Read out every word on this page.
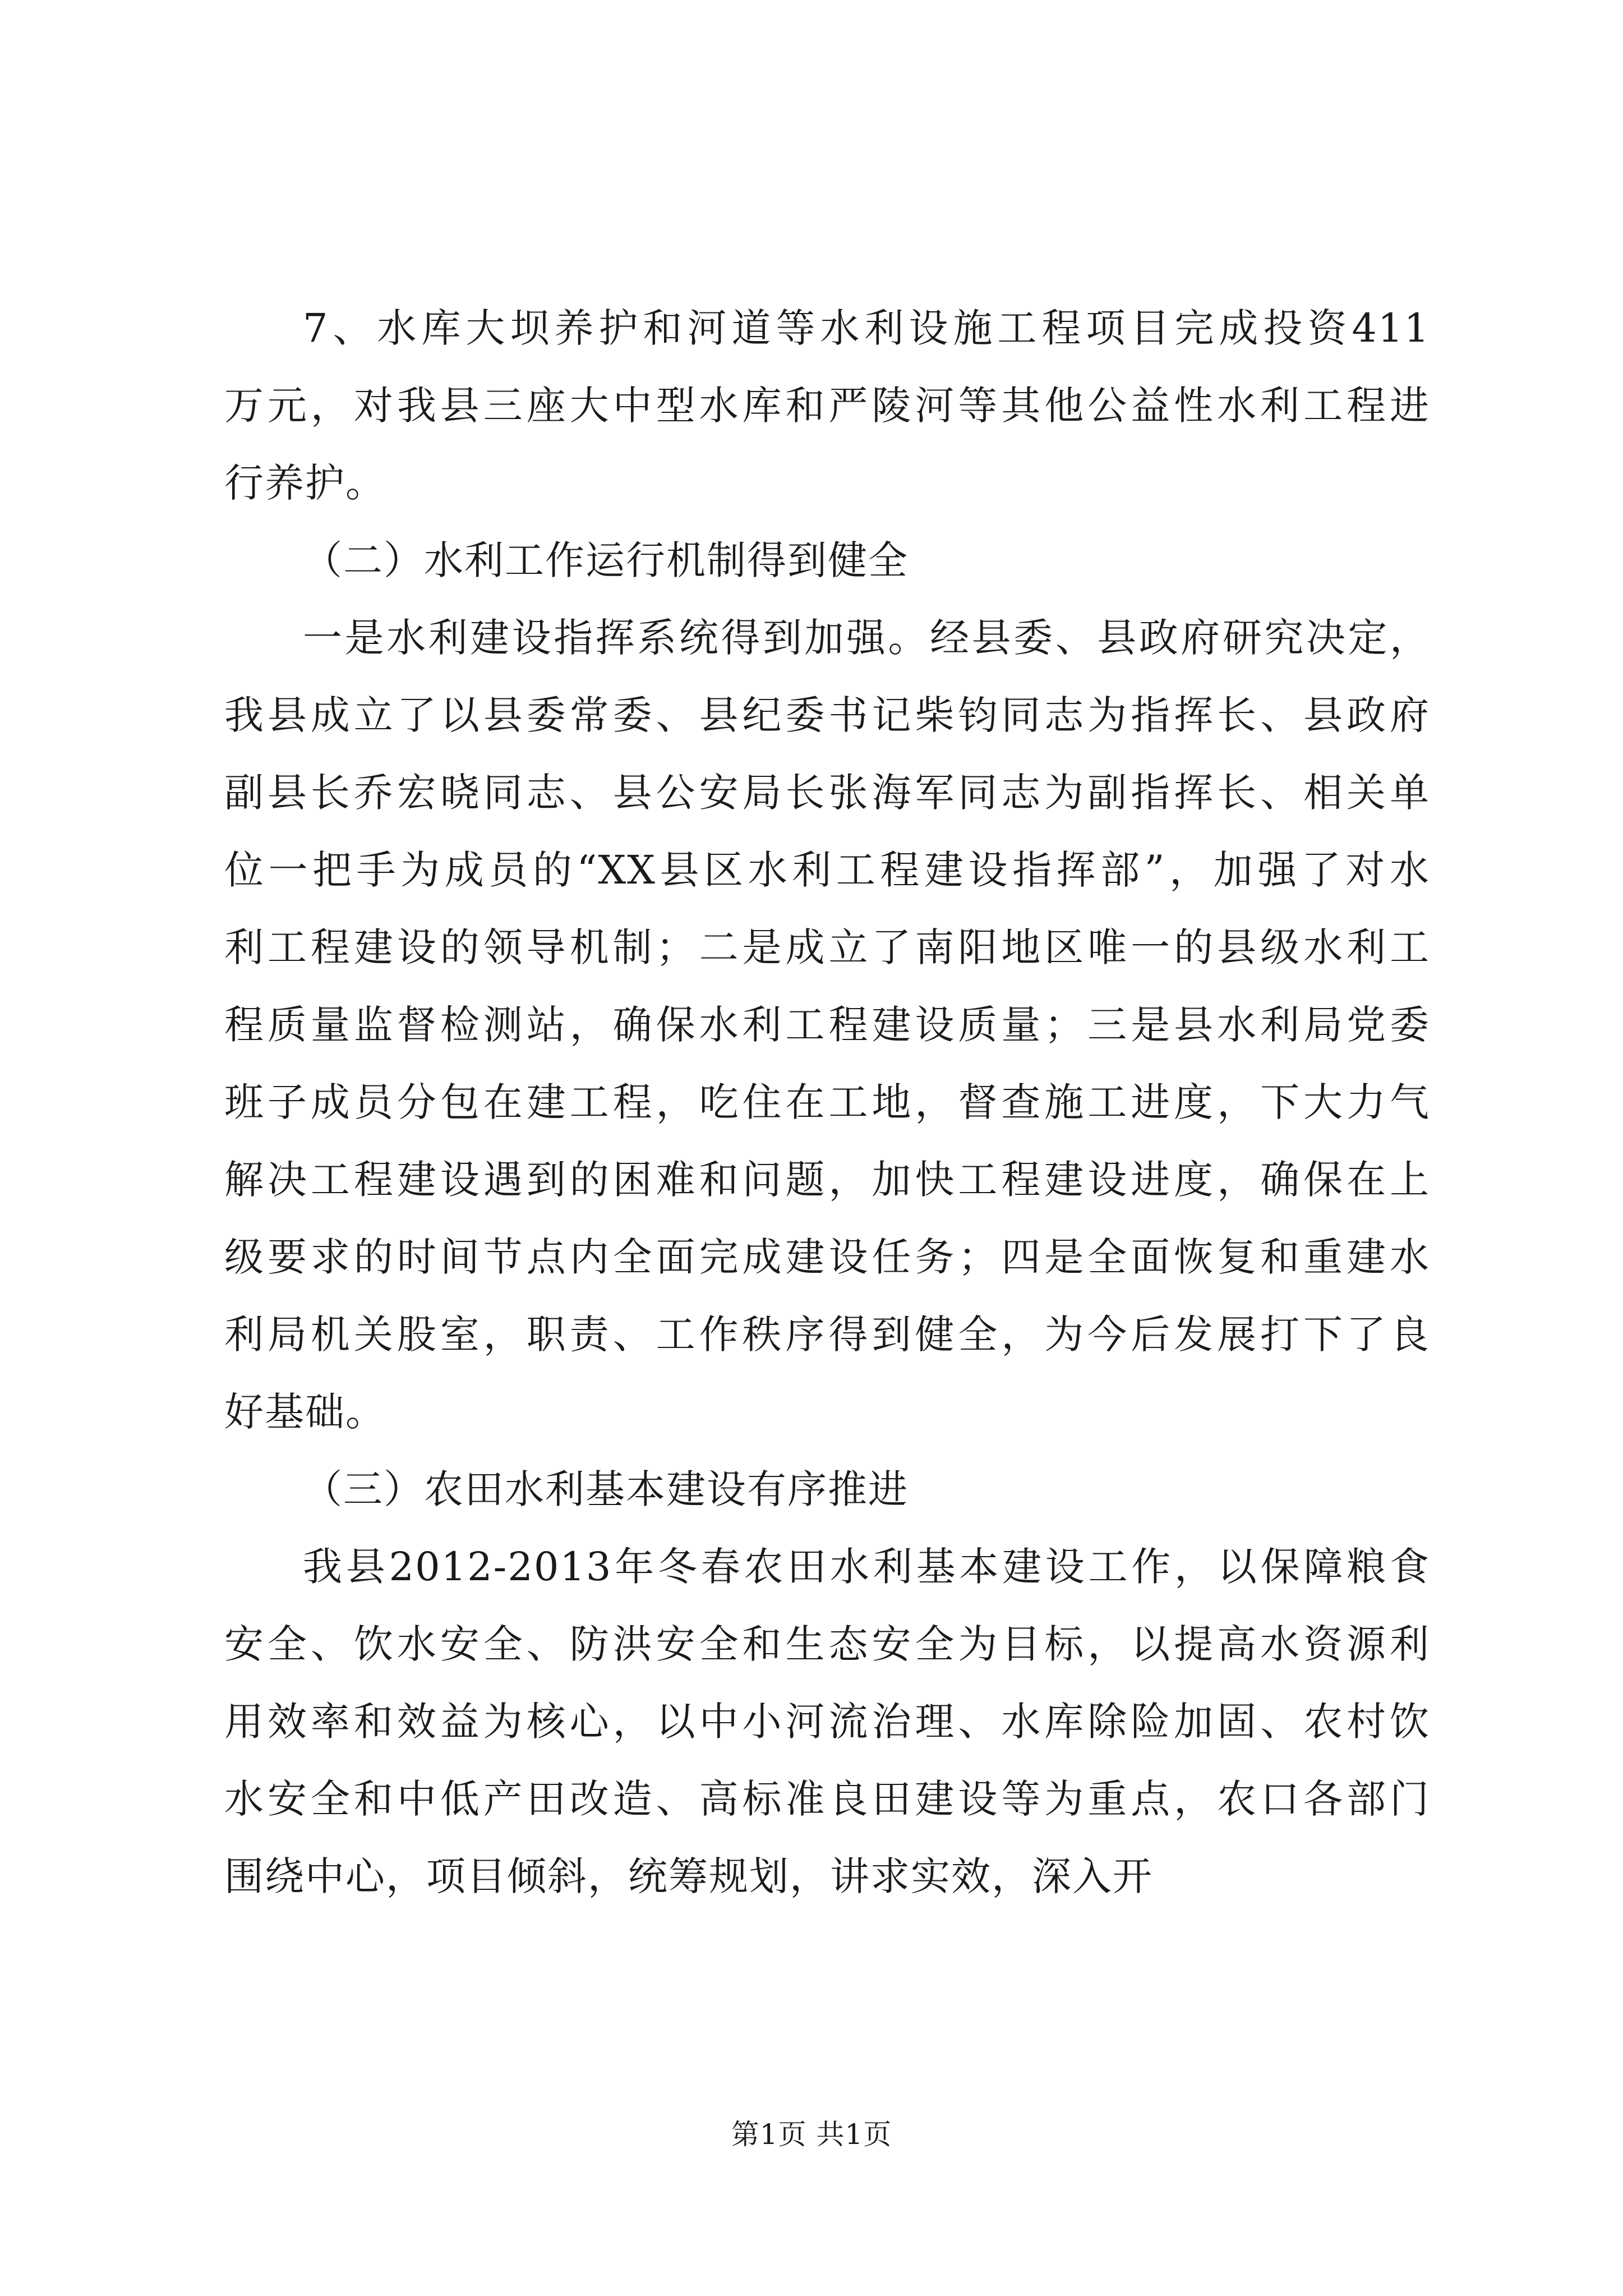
7、水库大坝养护和河道等水利设施工程项目完成投资411
万元，对我县三座大中型水库和严陵河等其他公益性水利工程进
行养护。
（二）水利工作运行机制得到健全
一是水利建设指挥系统得到加强。经县委、县政府研究决定，
我县成立了以县委常委、县纪委书记柴钧同志为指挥长、县政府
副县长乔宏晓同志、县公安局长张海军同志为副指挥长、相关单
位一把手为成员的“XX县区水利工程建设指挥部”，加强了对水
利工程建设的领导机制；二是成立了南阳地区唯一的县级水利工
程质量监督检测站，确保水利工程建设质量；三是县水利局党委
班子成员分包在建工程，吃住在工地，督查施工进度，下大力气
解决工程建设遇到的困难和问题，加快工程建设进度，确保在上
级要求的时间节点内全面完成建设任务；四是全面恢复和重建水
利局机关股室，职责、工作秩序得到健全，为今后发展打下了良
好基础。
（三）农田水利基本建设有序推进
我县2012-2013年冬春农田水利基本建设工作，以保障粮食
安全、饮水安全、防洪安全和生态安全为目标，以提高水资源利
用效率和效益为核心，以中小河流治理、水库除险加固、农村饮
水安全和中低产田改造、高标准良田建设等为重点，农口各部门
围绕中心，项目倾斜，统筹规划，讲求实效，深入开
第1页 共1页
